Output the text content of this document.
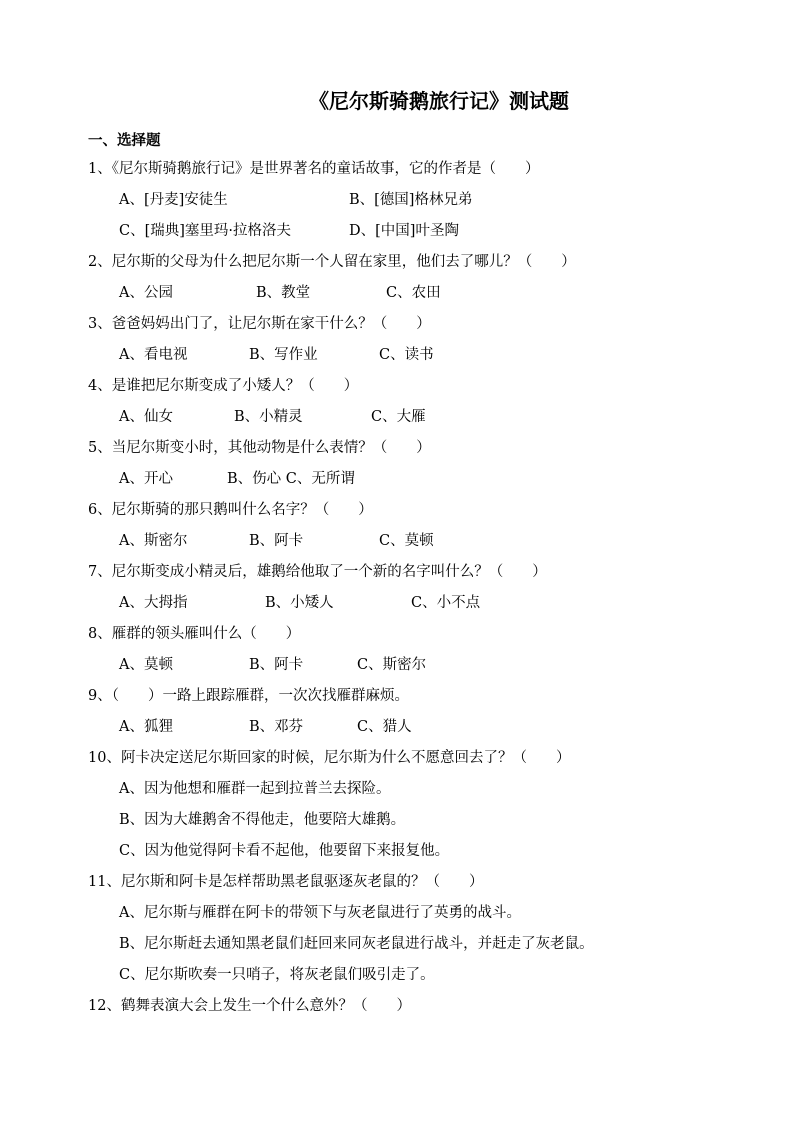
《尼尔斯骑鹅旅行记》测试题
一、选择题
1、《尼尔斯骑鹅旅行记》是世界著名的童话故事，它的作者是（　　）
A、[丹麦]安徒生	B、[德国]格林兄弟
C、[瑞典]塞里玛·拉格洛夫	D、[中国]叶圣陶
2、尼尔斯的父母为什么把尼尔斯一个人留在家里，他们去了哪儿？（　　）
A、公园	B、教堂	C、农田
3、爸爸妈妈出门了，让尼尔斯在家干什么？（　　）
A、看电视	B、写作业	C、读书
4、是谁把尼尔斯变成了小矮人？（　　）
A、仙女	B、小精灵	C、大雁
5、当尼尔斯变小时，其他动物是什么表情？（　　）
A、开心	B、伤心 C、无所谓
6、尼尔斯骑的那只鹅叫什么名字？（　　）
A、斯密尔	B、阿卡	C、莫顿
7、尼尔斯变成小精灵后，雄鹅给他取了一个新的名字叫什么？（　　）
A、大拇指	B、小矮人	C、小不点
8、雁群的领头雁叫什么（　　）
A、莫顿	B、阿卡	C、斯密尔
9、（　　）一路上跟踪雁群，一次次找雁群麻烦。
A、狐狸	B、邓芬	C、猎人
10、阿卡决定送尼尔斯回家的时候，尼尔斯为什么不愿意回去了？（　　）
A、因为他想和雁群一起到拉普兰去探险。
B、因为大雄鹅舍不得他走，他要陪大雄鹅。
C、因为他觉得阿卡看不起他，他要留下来报复他。
11、尼尔斯和阿卡是怎样帮助黑老鼠驱逐灰老鼠的？（　　）
A、尼尔斯与雁群在阿卡的带领下与灰老鼠进行了英勇的战斗。
B、尼尔斯赶去通知黑老鼠们赶回来同灰老鼠进行战斗，并赶走了灰老鼠。
C、尼尔斯吹奏一只哨子，将灰老鼠们吸引走了。
12、鹤舞表演大会上发生一个什么意外？（　　）
